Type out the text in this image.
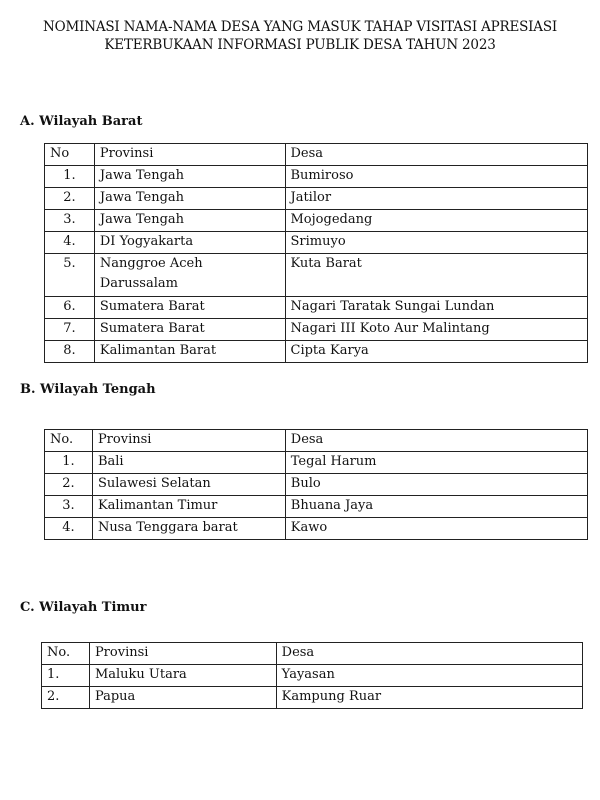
NOMINASI NAMA-NAMA DESA YANG MASUK TAHAP VISITASI APRESIASI
KETERBUKAAN INFORMASI PUBLIK DESA TAHUN 2023
A. Wilayah Barat
No	Provinsi	Desa
1.	Jawa Tengah	Bumiroso
2.	Jawa Tengah	Jatilor
3.	Jawa Tengah	Mojogedang
4.	DI Yogyakarta	Srimuyo
5.	Nanggroe Aceh Darussalam	Kuta Barat
6.	Sumatera Barat	Nagari Taratak Sungai Lundan
7.	Sumatera Barat	Nagari III Koto Aur Malintang
8.	Kalimantan Barat	Cipta Karya
B. Wilayah Tengah
No.	Provinsi	Desa
1.	Bali	Tegal Harum
2.	Sulawesi Selatan	Bulo
3.	Kalimantan Timur	Bhuana Jaya
4.	Nusa Tenggara barat	Kawo
C. Wilayah Timur
No.	Provinsi	Desa
1.	Maluku Utara	Yayasan
2.	Papua	Kampung Ruar
